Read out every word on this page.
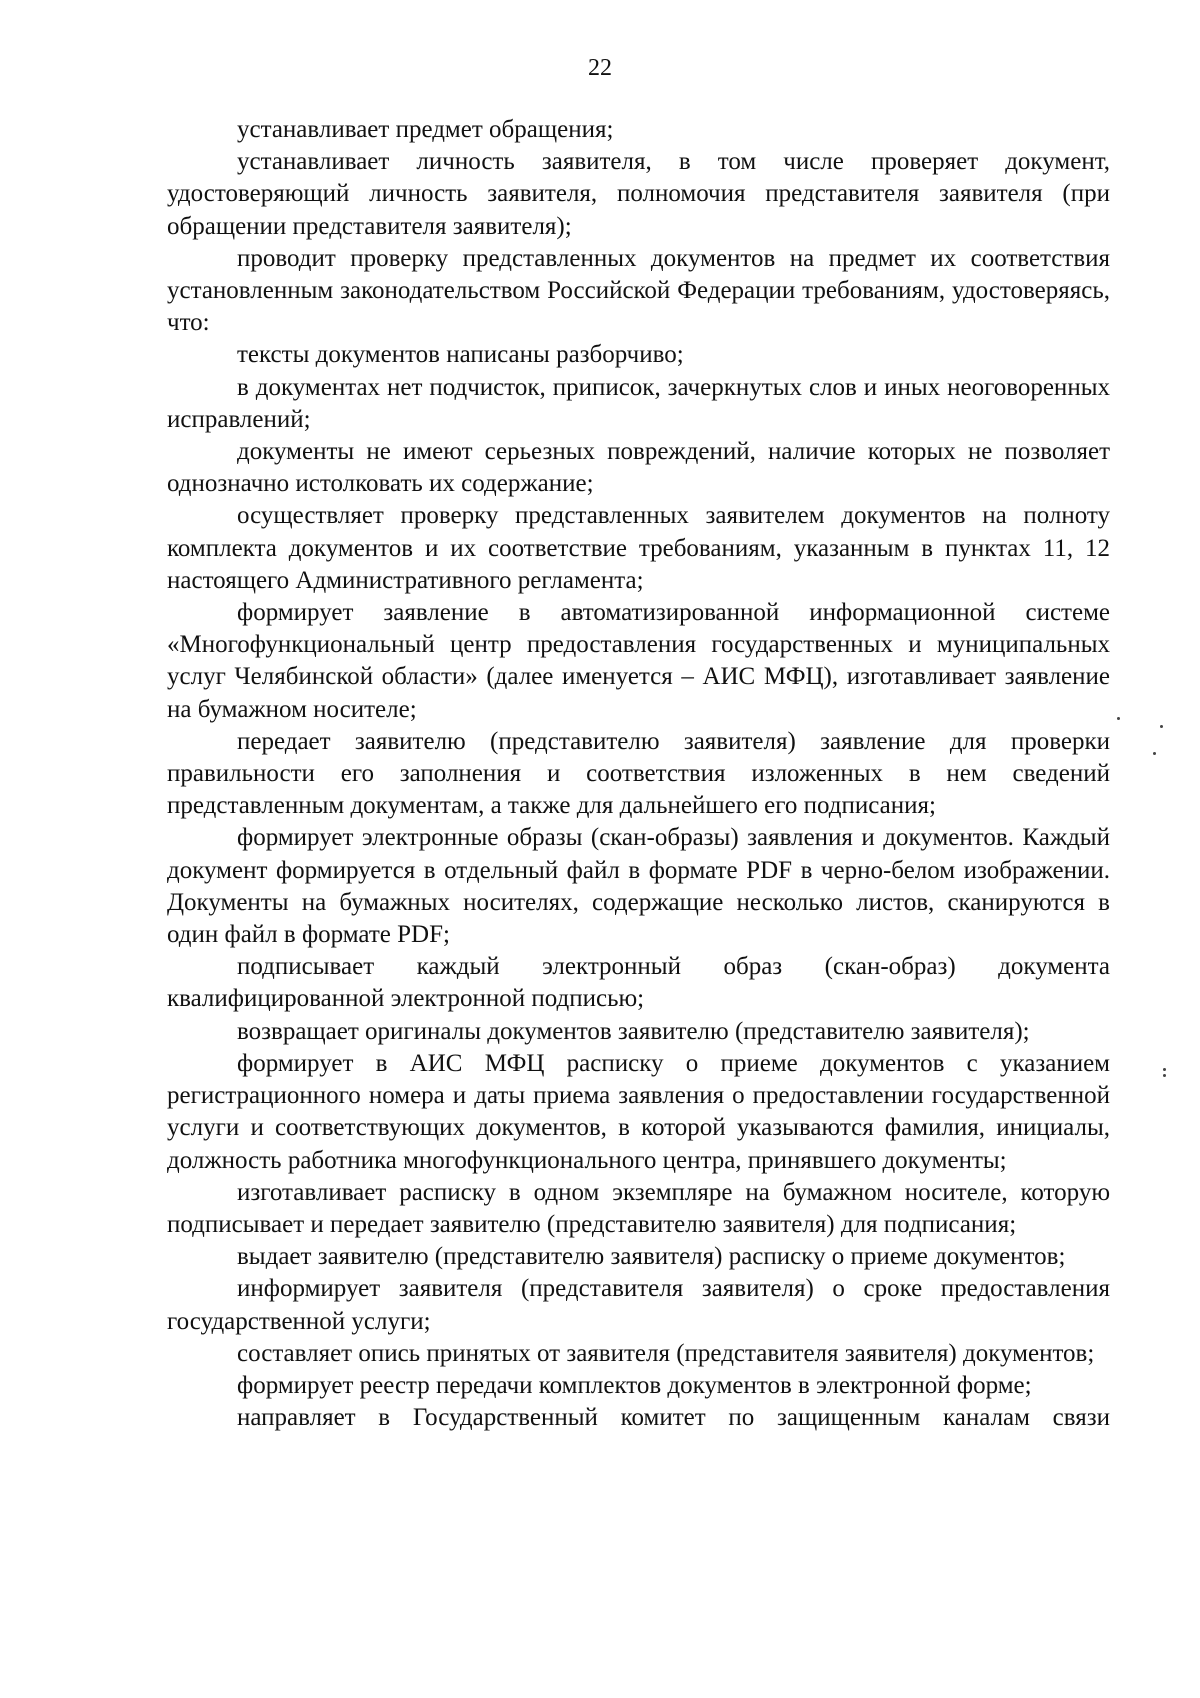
22

устанавливает предмет обращения;

устанавливает личность заявителя, в том числе проверяет документ, удостоверяющий личность заявителя, полномочия представителя заявителя (при обращении представителя заявителя);

проводит проверку представленных документов на предмет их соответствия установленным законодательством Российской Федерации требованиям, удостоверяясь, что:

тексты документов написаны разборчиво;

в документах нет подчисток, приписок, зачеркнутых слов и иных неоговоренных исправлений;

документы не имеют серьезных повреждений, наличие которых не позволяет однозначно истолковать их содержание;

осуществляет проверку представленных заявителем документов на полноту комплекта документов и их соответствие требованиям, указанным в пунктах 11, 12 настоящего Административного регламента;

формирует заявление в автоматизированной информационной системе «Многофункциональный центр предоставления государственных и муниципальных услуг Челябинской области» (далее именуется – АИС МФЦ), изготавливает заявление на бумажном носителе;

передает заявителю (представителю заявителя) заявление для проверки правильности его заполнения и соответствия изложенных в нем сведений представленным документам, а также для дальнейшего его подписания;

формирует электронные образы (скан-образы) заявления и документов. Каждый документ формируется в отдельный файл в формате PDF в черно-белом изображении. Документы на бумажных носителях, содержащие несколько листов, сканируются в один файл в формате PDF;

подписывает каждый электронный образ (скан-образ) документа квалифицированной электронной подписью;

возвращает оригиналы документов заявителю (представителю заявителя);

формирует в АИС МФЦ расписку о приеме документов с указанием регистрационного номера и даты приема заявления о предоставлении государственной услуги и соответствующих документов, в которой указываются фамилия, инициалы, должность работника многофункционального центра, принявшего документы;

изготавливает расписку в одном экземпляре на бумажном носителе, которую подписывает и передает заявителю (представителю заявителя) для подписания;

выдает заявителю (представителю заявителя) расписку о приеме документов;

информирует заявителя (представителя заявителя) о сроке предоставления государственной услуги;

составляет опись принятых от заявителя (представителя заявителя) документов;

формирует реестр передачи комплектов документов в электронной форме;

направляет в Государственный комитет по защищенным каналам связи
